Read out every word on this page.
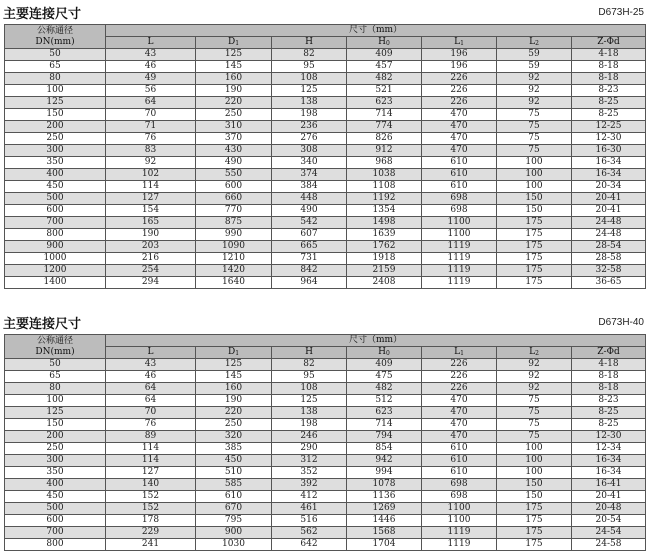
主要连接尺寸	D673H-25
公称通径
DN(mm)	尺寸（mm）						
	L	D1	H	H0	L1	L2	Z-Φd
50	43	125	82	409	196	59	4-18
65	46	145	95	457	196	59	8-18
80	49	160	108	482	226	92	8-18
100	56	190	125	521	226	92	8-23
125	64	220	138	623	226	92	8-25
150	70	250	198	714	470	75	8-25
200	71	310	236	774	470	75	12-25
250	76	370	276	826	470	75	12-30
300	83	430	308	912	470	75	16-30
350	92	490	340	968	610	100	16-34
400	102	550	374	1038	610	100	16-34
450	114	600	384	1108	610	100	20-34
500	127	660	448	1192	698	150	20-41
600	154	770	490	1354	698	150	20-41
700	165	875	542	1498	1100	175	24-48
800	190	990	607	1639	1100	175	24-48
900	203	1090	665	1762	1119	175	28-54
1000	216	1210	731	1918	1119	175	28-58
1200	254	1420	842	2159	1119	175	32-58
1400	294	1640	964	2408	1119	175	36-65
主要连接尺寸	D673H-40
公称通径
DN(mm)	尺寸（mm）						
	L	D1	H	H0	L1	L2	Z-Φd
50	43	125	82	409	226	92	4-18
65	46	145	95	475	226	92	8-18
80	64	160	108	482	226	92	8-18
100	64	190	125	512	470	75	8-23
125	70	220	138	623	470	75	8-25
150	76	250	198	714	470	75	8-25
200	89	320	246	794	470	75	12-30
250	114	385	290	854	610	100	12-34
300	114	450	312	942	610	100	16-34
350	127	510	352	994	610	100	16-34
400	140	585	392	1078	698	150	16-41
450	152	610	412	1136	698	150	20-41
500	152	670	461	1269	1100	175	20-48
600	178	795	516	1446	1100	175	20-54
700	229	900	562	1568	1119	175	24-54
800	241	1030	642	1704	1119	175	24-58
